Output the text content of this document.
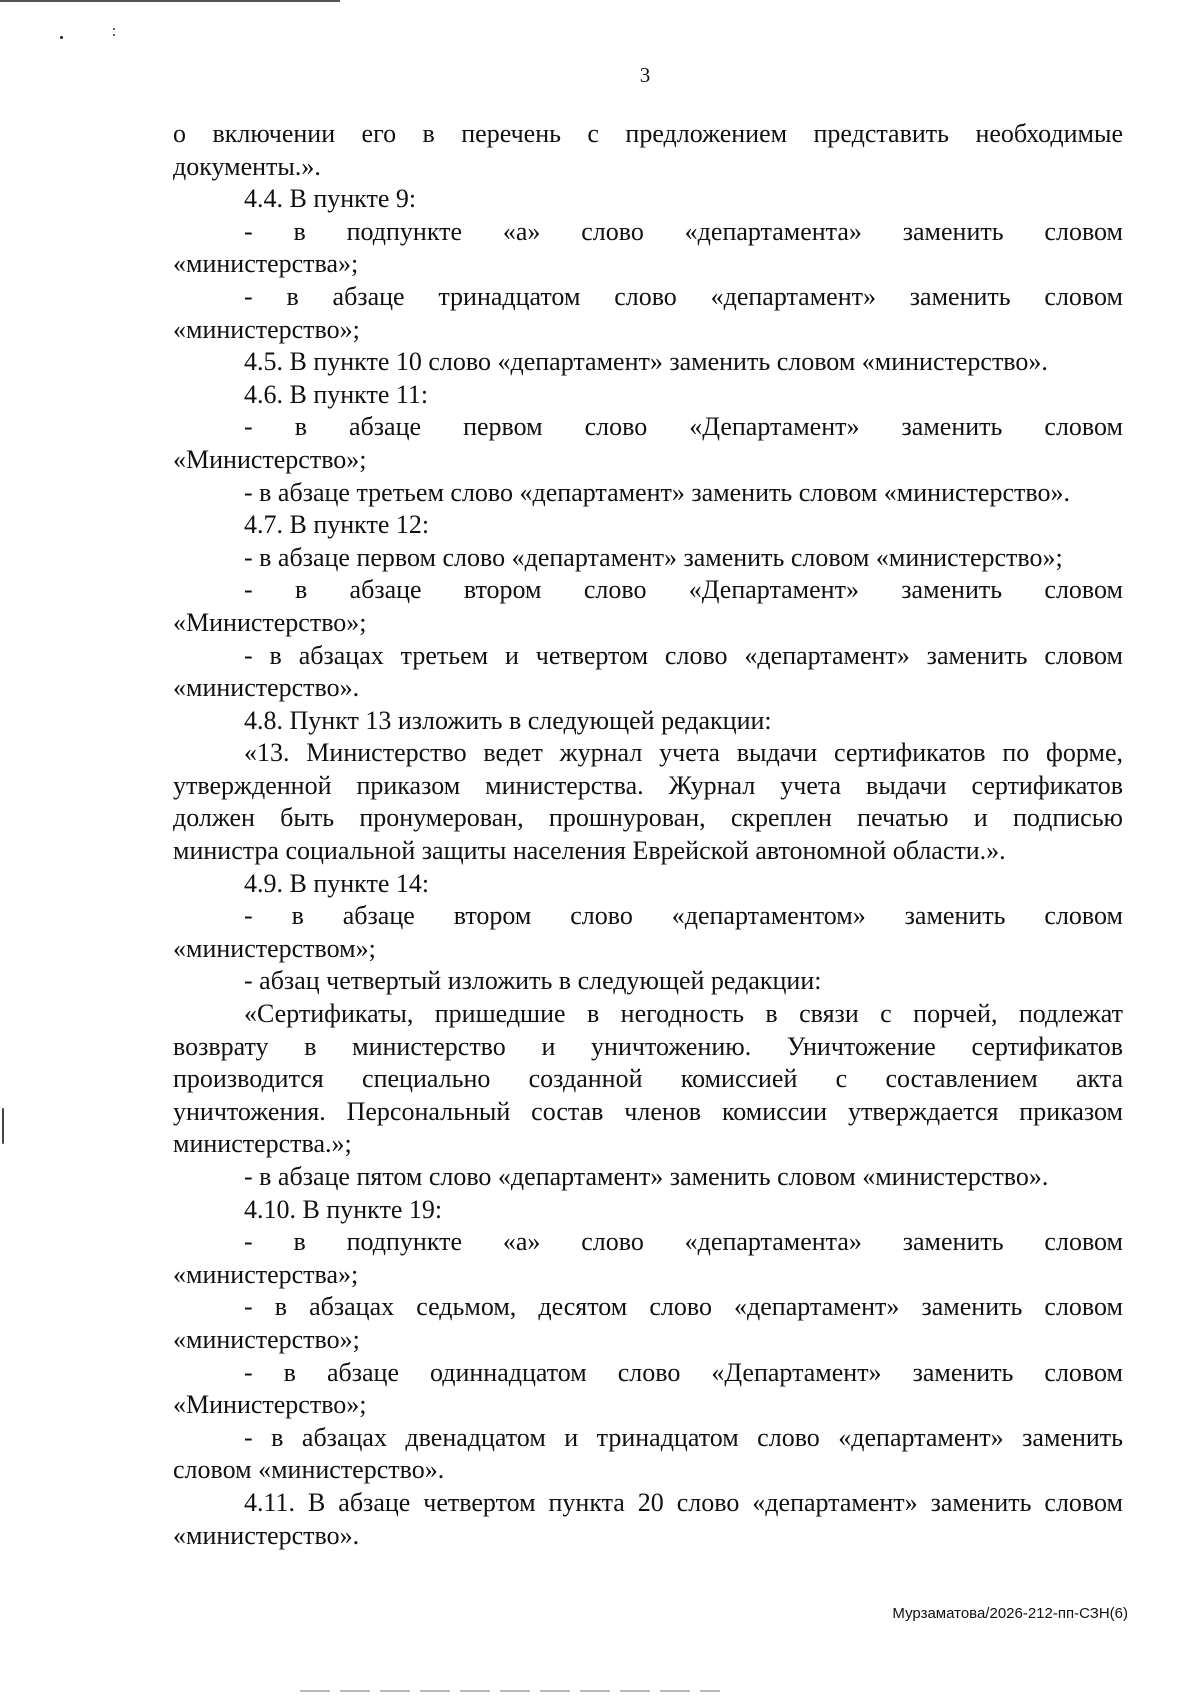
3
о включении его в перечень с предложением представить необходимые
документы.».
4.4. В пункте 9:
- в подпункте «а» слово «департамента» заменить словом
«министерства»;
- в абзаце тринадцатом слово «департамент» заменить словом
«министерство»;
4.5. В пункте 10 слово «департамент» заменить словом «министерство».
4.6. В пункте 11:
- в абзаце первом слово «Департамент» заменить словом
«Министерство»;
- в абзаце третьем слово «департамент» заменить словом «министерство».
4.7. В пункте 12:
- в абзаце первом слово «департамент» заменить словом «министерство»;
- в абзаце втором слово «Департамент» заменить словом
«Министерство»;
- в абзацах третьем и четвертом слово «департамент» заменить словом
«министерство».
4.8. Пункт 13 изложить в следующей редакции:
«13. Министерство ведет журнал учета выдачи сертификатов по форме,
утвержденной приказом министерства. Журнал учета выдачи сертификатов
должен быть пронумерован, прошнурован, скреплен печатью и подписью
министра социальной защиты населения Еврейской автономной области.».
4.9. В пункте 14:
- в абзаце втором слово «департаментом» заменить словом
«министерством»;
- абзац четвертый изложить в следующей редакции:
«Сертификаты, пришедшие в негодность в связи с порчей, подлежат
возврату в министерство и уничтожению. Уничтожение сертификатов
производится специально созданной комиссией с составлением акта
уничтожения. Персональный состав членов комиссии утверждается приказом
министерства.»;
- в абзаце пятом слово «департамент» заменить словом «министерство».
4.10. В пункте 19:
- в подпункте «а» слово «департамента» заменить словом
«министерства»;
- в абзацах седьмом, десятом слово «департамент» заменить словом
«министерство»;
- в абзаце одиннадцатом слово «Департамент» заменить словом
«Министерство»;
- в абзацах двенадцатом и тринадцатом слово «департамент» заменить
словом «министерство».
4.11. В абзаце четвертом пункта 20 слово «департамент» заменить словом
«министерство».
Мурзаматова/2026-212-пп-СЗН(6)
